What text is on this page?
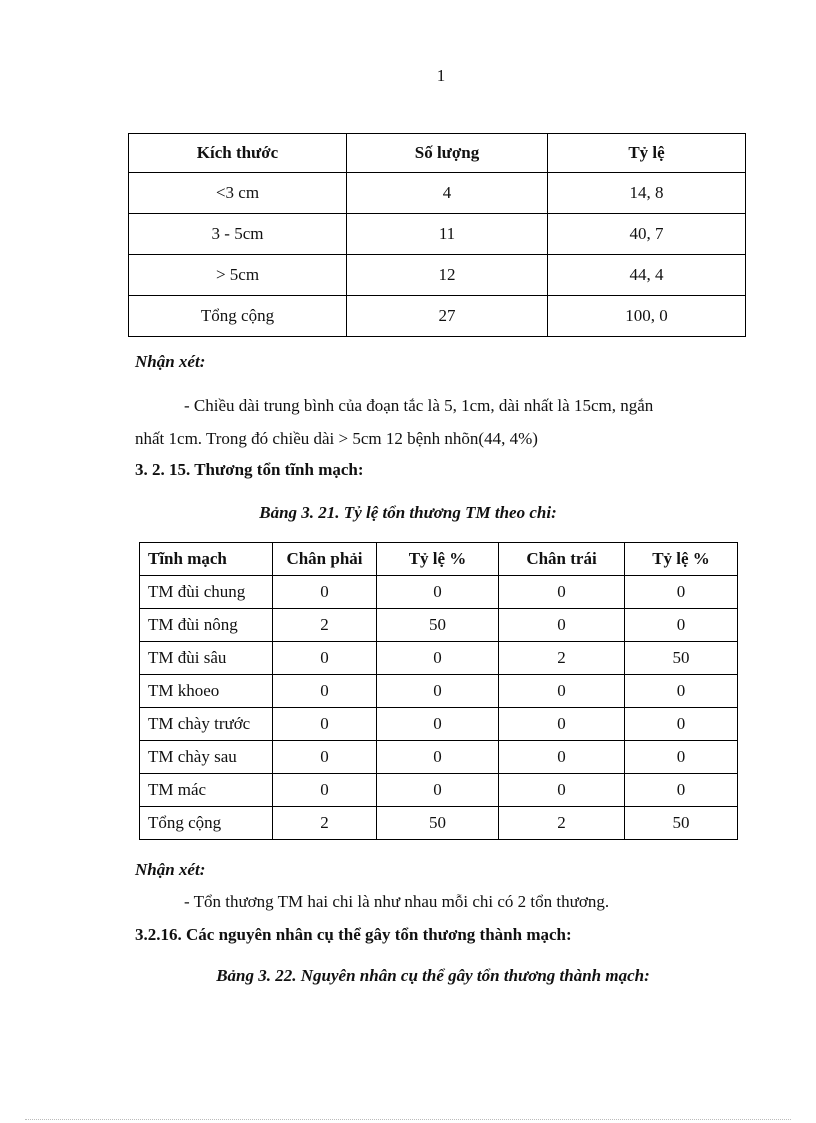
1
Kích thước	Số lượng	Tỷ lệ
<3 cm	4	14, 8
3 - 5cm	11	40, 7
> 5cm	12	44, 4
Tổng cộng	27	100, 0
Nhận xét:
- Chiều dài trung bình của đoạn tắc là 5, 1cm, dài nhất là 15cm, ngắn
nhất 1cm. Trong đó chiều dài > 5cm 12 bệnh nhõn(44, 4%)
3. 2. 15. Thương tổn tĩnh mạch:
Bảng 3. 21. Tỷ lệ tổn thương TM theo chi:
Tĩnh mạch	Chân phải	Tỷ lệ %	Chân trái	Tỷ lệ %
TM đùi chung	0	0	0	0
TM đùi nông	2	50	0	0
TM đùi sâu	0	0	2	50
TM khoeo	0	0	0	0
TM chày trước	0	0	0	0
TM chày sau	0	0	0	0
TM mác	0	0	0	0
Tổng cộng	2	50	2	50
Nhận xét:
- Tổn thương TM hai chi là như nhau mỗi chi có 2 tổn thương.
3.2.16. Các nguyên nhân cụ thể gây tổn thương thành mạch:
Bảng 3. 22. Nguyên nhân cụ thể gây tổn thương thành mạch:
